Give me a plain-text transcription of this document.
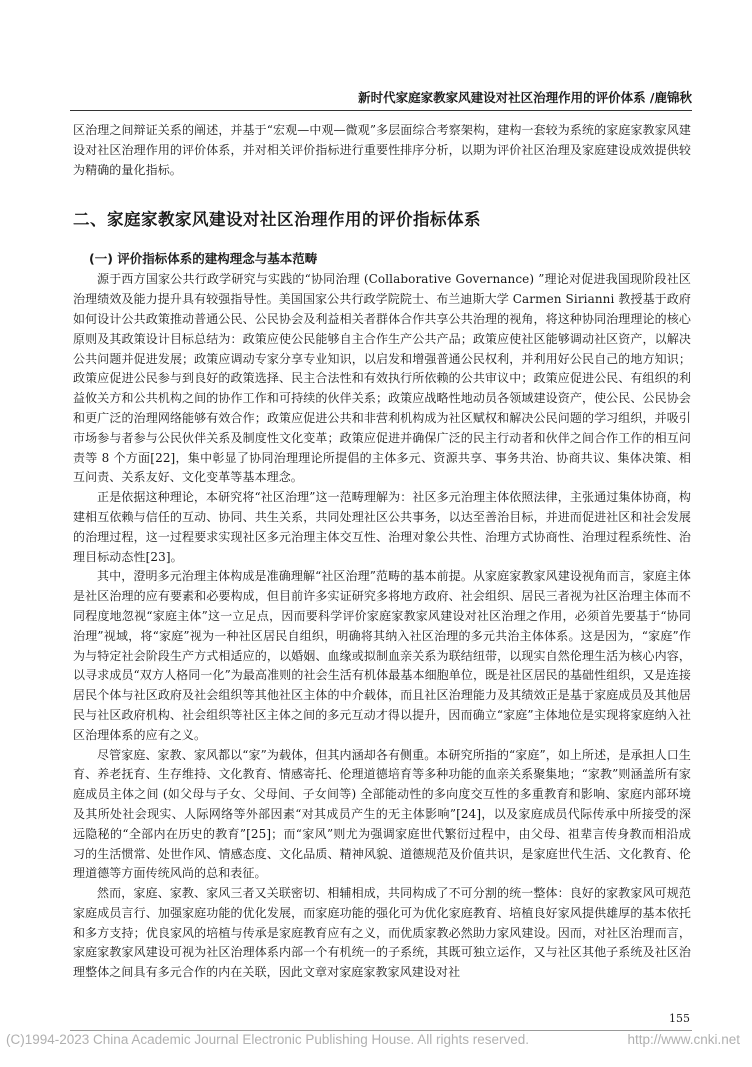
新时代家庭家教家风建设对社区治理作用的评价体系 /鹿锦秋

区治理之间辩证关系的阐述，并基于“宏观—中观—微观”多层面综合考察架构，建构一套较为系统的家庭家教家风建设对社区治理作用的评价体系，并对相关评价指标进行重要性排序分析，以期为评价社区治理及家庭建设成效提供较为精确的量化指标。

二、家庭家教家风建设对社区治理作用的评价指标体系
(一) 评价指标体系的建构理念与基本范畴

源于西方国家公共行政学研究与实践的“协同治理 (Collaborative Governance) ”理论对促进我国现阶段社区治理绩效及能力提升具有较强指导性。美国国家公共行政学院院士、布兰迪斯大学 Carmen Sirianni 教授基于政府如何设计公共政策推动普通公民、公民协会及利益相关者群体合作共享公共治理的视角，将这种协同治理理论的核心原则及其政策设计目标总结为：政策应使公民能够自主合作生产公共产品；政策应使社区能够调动社区资产，以解决公共问题并促进发展；政策应调动专家分享专业知识，以启发和增强普通公民权利，并利用好公民自己的地方知识；政策应促进公民参与到良好的政策选择、民主合法性和有效执行所依赖的公共审议中；政策应促进公民、有组织的利益攸关方和公共机构之间的协作工作和可持续的伙伴关系；政策应战略性地动员各领域建设资产，使公民、公民协会和更广泛的治理网络能够有效合作；政策应促进公共和非营利机构成为社区赋权和解决公民问题的学习组织，并吸引市场参与者参与公民伙伴关系及制度性文化变革；政策应促进并确保广泛的民主行动者和伙伴之间合作工作的相互问责等 8 个方面[22]，集中彰显了协同治理理论所提倡的主体多元、资源共享、事务共治、协商共议、集体决策、相互问责、关系友好、文化变革等基本理念。

正是依据这种理论，本研究将“社区治理”这一范畴理解为：社区多元治理主体依照法律，主张通过集体协商，构建相互依赖与信任的互动、协同、共生关系，共同处理社区公共事务，以达至善治目标，并进而促进社区和社会发展的治理过程，这一过程要求实现社区多元治理主体交互性、治理对象公共性、治理方式协商性、治理过程系统性、治理目标动态性[23]。

其中，澄明多元治理主体构成是准确理解“社区治理”范畴的基本前提。从家庭家教家风建设视角而言，家庭主体是社区治理的应有要素和必要构成，但目前许多实证研究多将地方政府、社会组织、居民三者视为社区治理主体而不同程度地忽视“家庭主体”这一立足点，因而要科学评价家庭家教家风建设对社区治理之作用，必须首先要基于“协同治理”视域，将“家庭”视为一种社区居民自组织，明确将其纳入社区治理的多元共治主体体系。这是因为，“家庭”作为与特定社会阶段生产方式相适应的，以婚姻、血缘或拟制血亲关系为联结纽带，以现实自然伦理生活为核心内容，以寻求成员“双方人格同一化”为最高准则的社会生活有机体最基本细胞单位，既是社区居民的基础性组织，又是连接居民个体与社区政府及社会组织等其他社区主体的中介载体，而且社区治理能力及其绩效正是基于家庭成员及其他居民与社区政府机构、社会组织等社区主体之间的多元互动才得以提升，因而确立“家庭”主体地位是实现将家庭纳入社区治理体系的应有之义。

尽管家庭、家教、家风都以“家”为载体，但其内涵却各有侧重。本研究所指的“家庭”，如上所述，是承担人口生育、养老抚育、生存维持、文化教育、情感寄托、伦理道德培育等多种功能的血亲关系聚集地；“家教”则涵盖所有家庭成员主体之间 (如父母与子女、父母间、子女间等) 全部能动性的多向度交互性的多重教育和影响、家庭内部环境及其所处社会现实、人际网络等外部因素“对其成员产生的无主体影响”[24]，以及家庭成员代际传承中所接受的深远隐秘的“全部内在历史的教育”[25]；而“家风”则尤为强调家庭世代繁衍过程中，由父母、祖辈言传身教而相沿成习的生活惯常、处世作风、情感态度、文化品质、精神风貌、道德规范及价值共识，是家庭世代生活、文化教育、伦理道德等方面传统风尚的总和表征。

然而，家庭、家教、家风三者又关联密切、相辅相成，共同构成了不可分割的统一整体：良好的家教家风可规范家庭成员言行、加强家庭功能的优化发展，而家庭功能的强化可为优化家庭教育、培植良好家风提供雄厚的基本依托和多方支持；优良家风的培植与传承是家庭教育应有之义，而优质家教必然助力家风建设。因而，对社区治理而言，家庭家教家风建设可视为社区治理体系内部一个有机统一的子系统，其既可独立运作，又与社区其他子系统及社区治理整体之间具有多元合作的内在关联，因此文章对家庭家教家风建设对社

155
(C)1994-2023 China Academic Journal Electronic Publishing House. All rights reserved.	http://www.cnki.net
